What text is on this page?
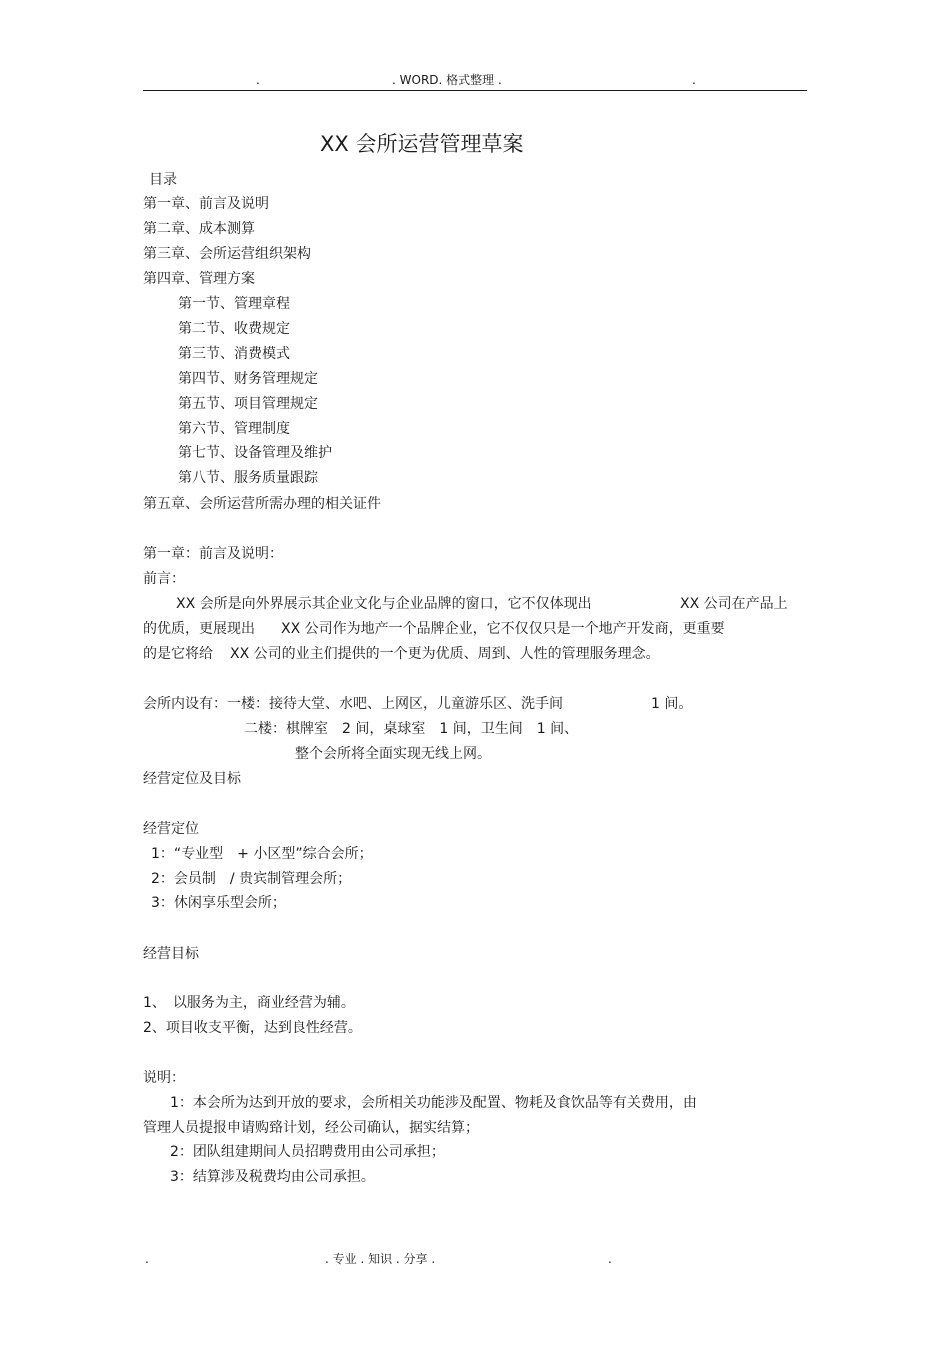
.	. WORD. 格式整理 .	.
XX 会所运营管理草案
目录
第一章、前言及说明
第二章、成本测算
第三章、会所运营组织架构
第四章、管理方案
第一节、管理章程
第二节、收费规定
第三节、消费模式
第四节、财务管理规定
第五节、项目管理规定
第六节、管理制度
第七节、设备管理及维护
第八节、服务质量跟踪
第五章、会所运营所需办理的相关证件
第一章：前言及说明：
前言：
XX 会所是向外界展示其企业文化与企业品牌的窗口，它不仅体现出	XX 公司在产品上
的优质，更展现出 XX 公司作为地产一个品牌企业，它不仅仅只是一个地产开发商，更重要
的是它将给 XX 公司的业主们提供的一个更为优质、周到、人性的管理服务理念。
会所内设有：一楼：接待大堂、水吧、上网区，儿童游乐区、洗手间	1 间。
二楼：棋牌室　2 间，桌球室　1 间，卫生间　1 间、
整个会所将全面实现无线上网。
经营定位及目标
经营定位
1：“专业型　+ 小区型”综合会所；
2：会员制　/ 贵宾制管理会所；
3：休闲享乐型会所；
经营目标
1、　以服务为主，商业经营为辅。
2、项目收支平衡，达到良性经营。
说明：
1：本会所为达到开放的要求，会所相关功能涉及配置、物耗及食饮品等有关费用，由
管理人员提报申请购臵计划，经公司确认，据实结算；
2：团队组建期间人员招聘费用由公司承担；
3：结算涉及税费均由公司承担。
.	. 专业 . 知识 . 分享 .	.
